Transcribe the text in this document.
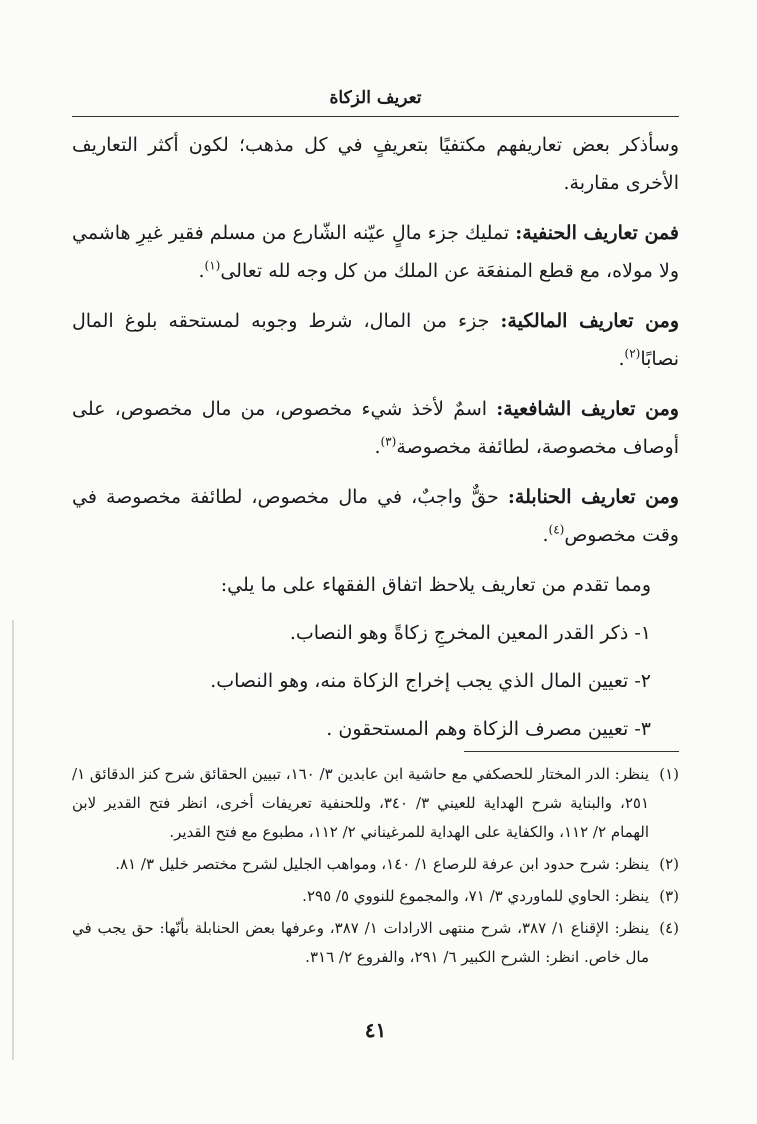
تعريف الزكاة

وسأذكر بعض تعاريفهم مكتفيًا بتعريفٍ في كل مذهب؛ لكون أكثر التعاريف الأخرى مقاربة.

فمن تعاريف الحنفية: تمليك جزء مالٍ عيّنه الشّارع من مسلم فقير غيرِ هاشمي ولا مولاه، مع قطع المنفعَة عن الملك من كل وجه لله تعالى$^{(١)}$.

ومن تعاريف المالكية: جزء من المال، شرط وجوبه لمستحقه بلوغ المال نصابًا$^{(٢)}$.

ومن تعاريف الشافعية: اسمٌ لأخذ شيء مخصوص، من مال مخصوص، على أوصاف مخصوصة، لطائفة مخصوصة$^{(٣)}$.

ومن تعاريف الحنابلة: حقٌّ واجبٌ، في مال مخصوص، لطائفة مخصوصة في وقت مخصوص$^{(٤)}$.

ومما تقدم من تعاريف يلاحظ اتفاق الفقهاء على ما يلي:

١- ذكر القدر المعين المخرجِ زكاةً وهو النصاب.

٢- تعيين المال الذي يجب إخراج الزكاة منه، وهو النصاب.

٣- تعيين مصرف الزكاة وهم المستحقون .

(١)
ينظر: الدر المختار للحصكفي مع حاشية ابن عابدين ٣/ ١٦٠، تبيين الحقائق شرح كنز الدقائق ١/ ٢٥١، والبناية شرح الهداية للعيني ٣/ ٣٤٠، وللحنفية تعريفات أخرى، انظر فتح القدير لابن الهمام ٢/ ١١٢، والكفاية على الهداية للمرغيناني ٢/ ١١٢، مطبوع مع فتح القدير.

(٢)
ينظر: شرح حدود ابن عرفة للرصاع ١/ ١٤٠، ومواهب الجليل لشرح مختصر خليل ٣/ ٨١.

(٣)
ينظر: الحاوي للماوردي ٣/ ٧١، والمجموع للنووي ٥/ ٢٩٥.

(٤)
ينظر: الإقناع ١/ ٣٨٧، شرح منتهى الارادات ١/ ٣٨٧، وعرفها بعض الحنابلة بأنّها: حق يجب في مال خاص. انظر: الشرح الكبير ٦/ ٢٩١، والفروع ٢/ ٣١٦.

٤١
